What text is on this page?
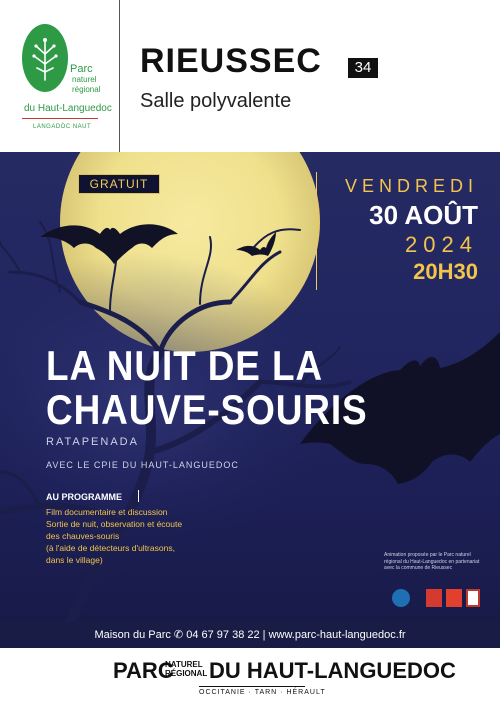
Parc
naturel
régional
du Haut-Languedoc
LANGADÒC NAUT
RIEUSSEC	34
Salle polyvalente
GRATUIT	VENDREDI
30 AOÛT
2024
20H30
LA NUIT DE LA
CHAUVE-SOURIS
RATAPENADA
AVEC LE CPIE DU HAUT-LANGUEDOC
AU PROGRAMME
Film documentaire et discussion
Sortie de nuit, observation et écoute
des chauves-souris
(à l'aide de détecteurs d'ultrasons,
dans le village)	Animation proposée par le Parc naturel régional du Haut-Languedoc en partenariat avec la commune de Rieussec
Maison du Parc ✆ 04 67 97 38 22 | www.parc-haut-languedoc.fr
PARC
NATUREL
RÉGIONAL DU HAUT-LANGUEDOC
OCCITANIE · TARN · HÉRAULT
